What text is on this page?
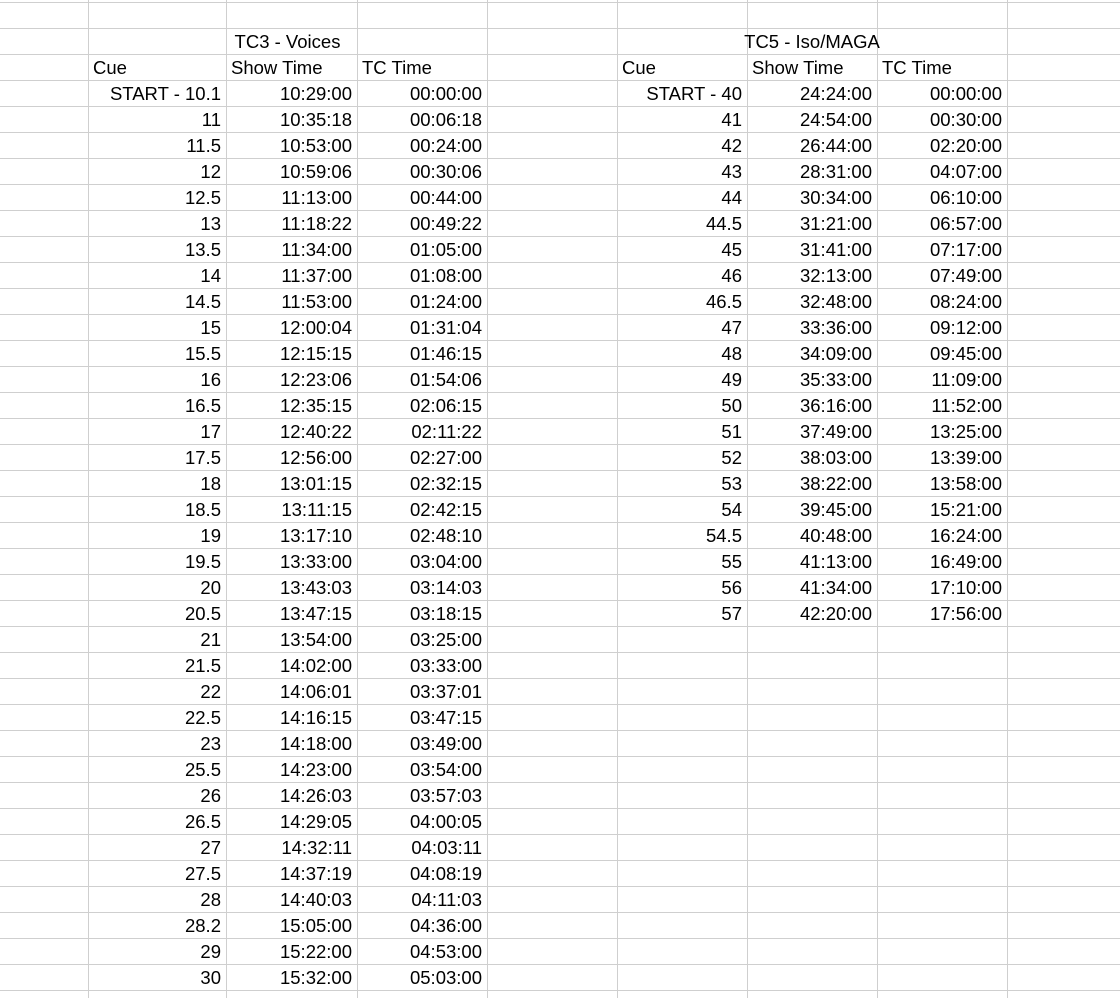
TC3 - Voices
Cue	Show Time	TC Time
START - 10.1	10:29:00	00:00:00
11	10:35:18	00:06:18
11.5	10:53:00	00:24:00
12	10:59:06	00:30:06
12.5	11:13:00	00:44:00
13	11:18:22	00:49:22
13.5	11:34:00	01:05:00
14	11:37:00	01:08:00
14.5	11:53:00	01:24:00
15	12:00:04	01:31:04
15.5	12:15:15	01:46:15
16	12:23:06	01:54:06
16.5	12:35:15	02:06:15
17	12:40:22	02:11:22
17.5	12:56:00	02:27:00
18	13:01:15	02:32:15
18.5	13:11:15	02:42:15
19	13:17:10	02:48:10
19.5	13:33:00	03:04:00
20	13:43:03	03:14:03
20.5	13:47:15	03:18:15
21	13:54:00	03:25:00
21.5	14:02:00	03:33:00
22	14:06:01	03:37:01
22.5	14:16:15	03:47:15
23	14:18:00	03:49:00
25.5	14:23:00	03:54:00
26	14:26:03	03:57:03
26.5	14:29:05	04:00:05
27	14:32:11	04:03:11
27.5	14:37:19	04:08:19
28	14:40:03	04:11:03
28.2	15:05:00	04:36:00
29	15:22:00	04:53:00
30	15:32:00	05:03:00
TC5 - Iso/MAGA
Cue	Show Time	TC Time
START - 40	24:24:00	00:00:00
41	24:54:00	00:30:00
42	26:44:00	02:20:00
43	28:31:00	04:07:00
44	30:34:00	06:10:00
44.5	31:21:00	06:57:00
45	31:41:00	07:17:00
46	32:13:00	07:49:00
46.5	32:48:00	08:24:00
47	33:36:00	09:12:00
48	34:09:00	09:45:00
49	35:33:00	11:09:00
50	36:16:00	11:52:00
51	37:49:00	13:25:00
52	38:03:00	13:39:00
53	38:22:00	13:58:00
54	39:45:00	15:21:00
54.5	40:48:00	16:24:00
55	41:13:00	16:49:00
56	41:34:00	17:10:00
57	42:20:00	17:56:00
